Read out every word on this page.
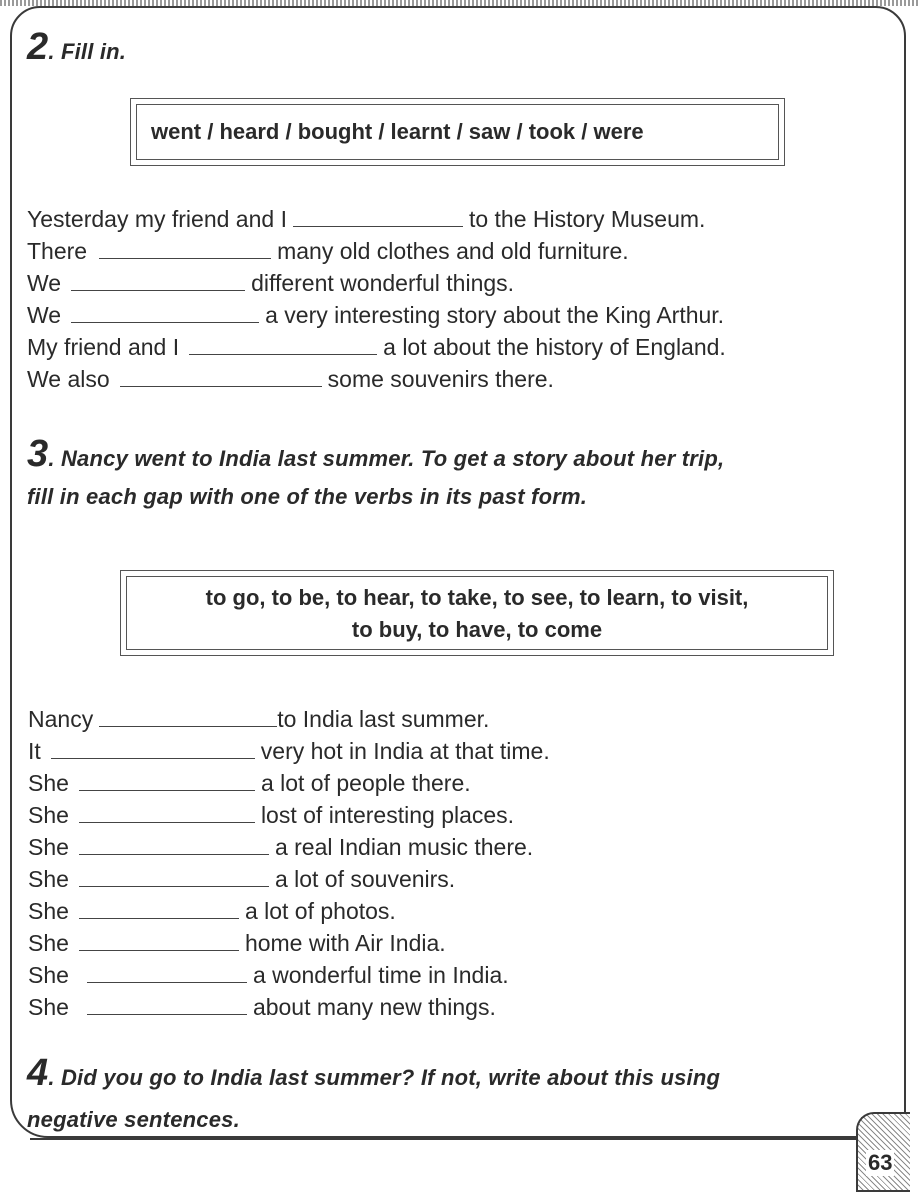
2. Fill in.
went / heard / bought / learnt / saw / took / were
Yesterday my friend and I	to the History Museum.
There	many old clothes and old furniture.
We	different wonderful things.
We	a very interesting story about the King Arthur.
My friend and I	a lot about the history of England.
We also	some souvenirs there.
3. Nancy went to India last summer. To get a story about her trip,
fill in each gap with one of the verbs in its past form.
to go, to be, to hear, to take, to see, to learn, to visit,
to buy, to have, to come
Nancy	to India last summer.
It	very hot in India at that time.
She	a lot of people there.
She	lost of interesting places.
She	a real Indian music there.
She	a lot of souvenirs.
She	a lot of photos.
She	home with Air India.
She	a wonderful time in India.
She	about many new things.
4. Did you go to India last summer? If not, write about this using
negative sentences.
63
